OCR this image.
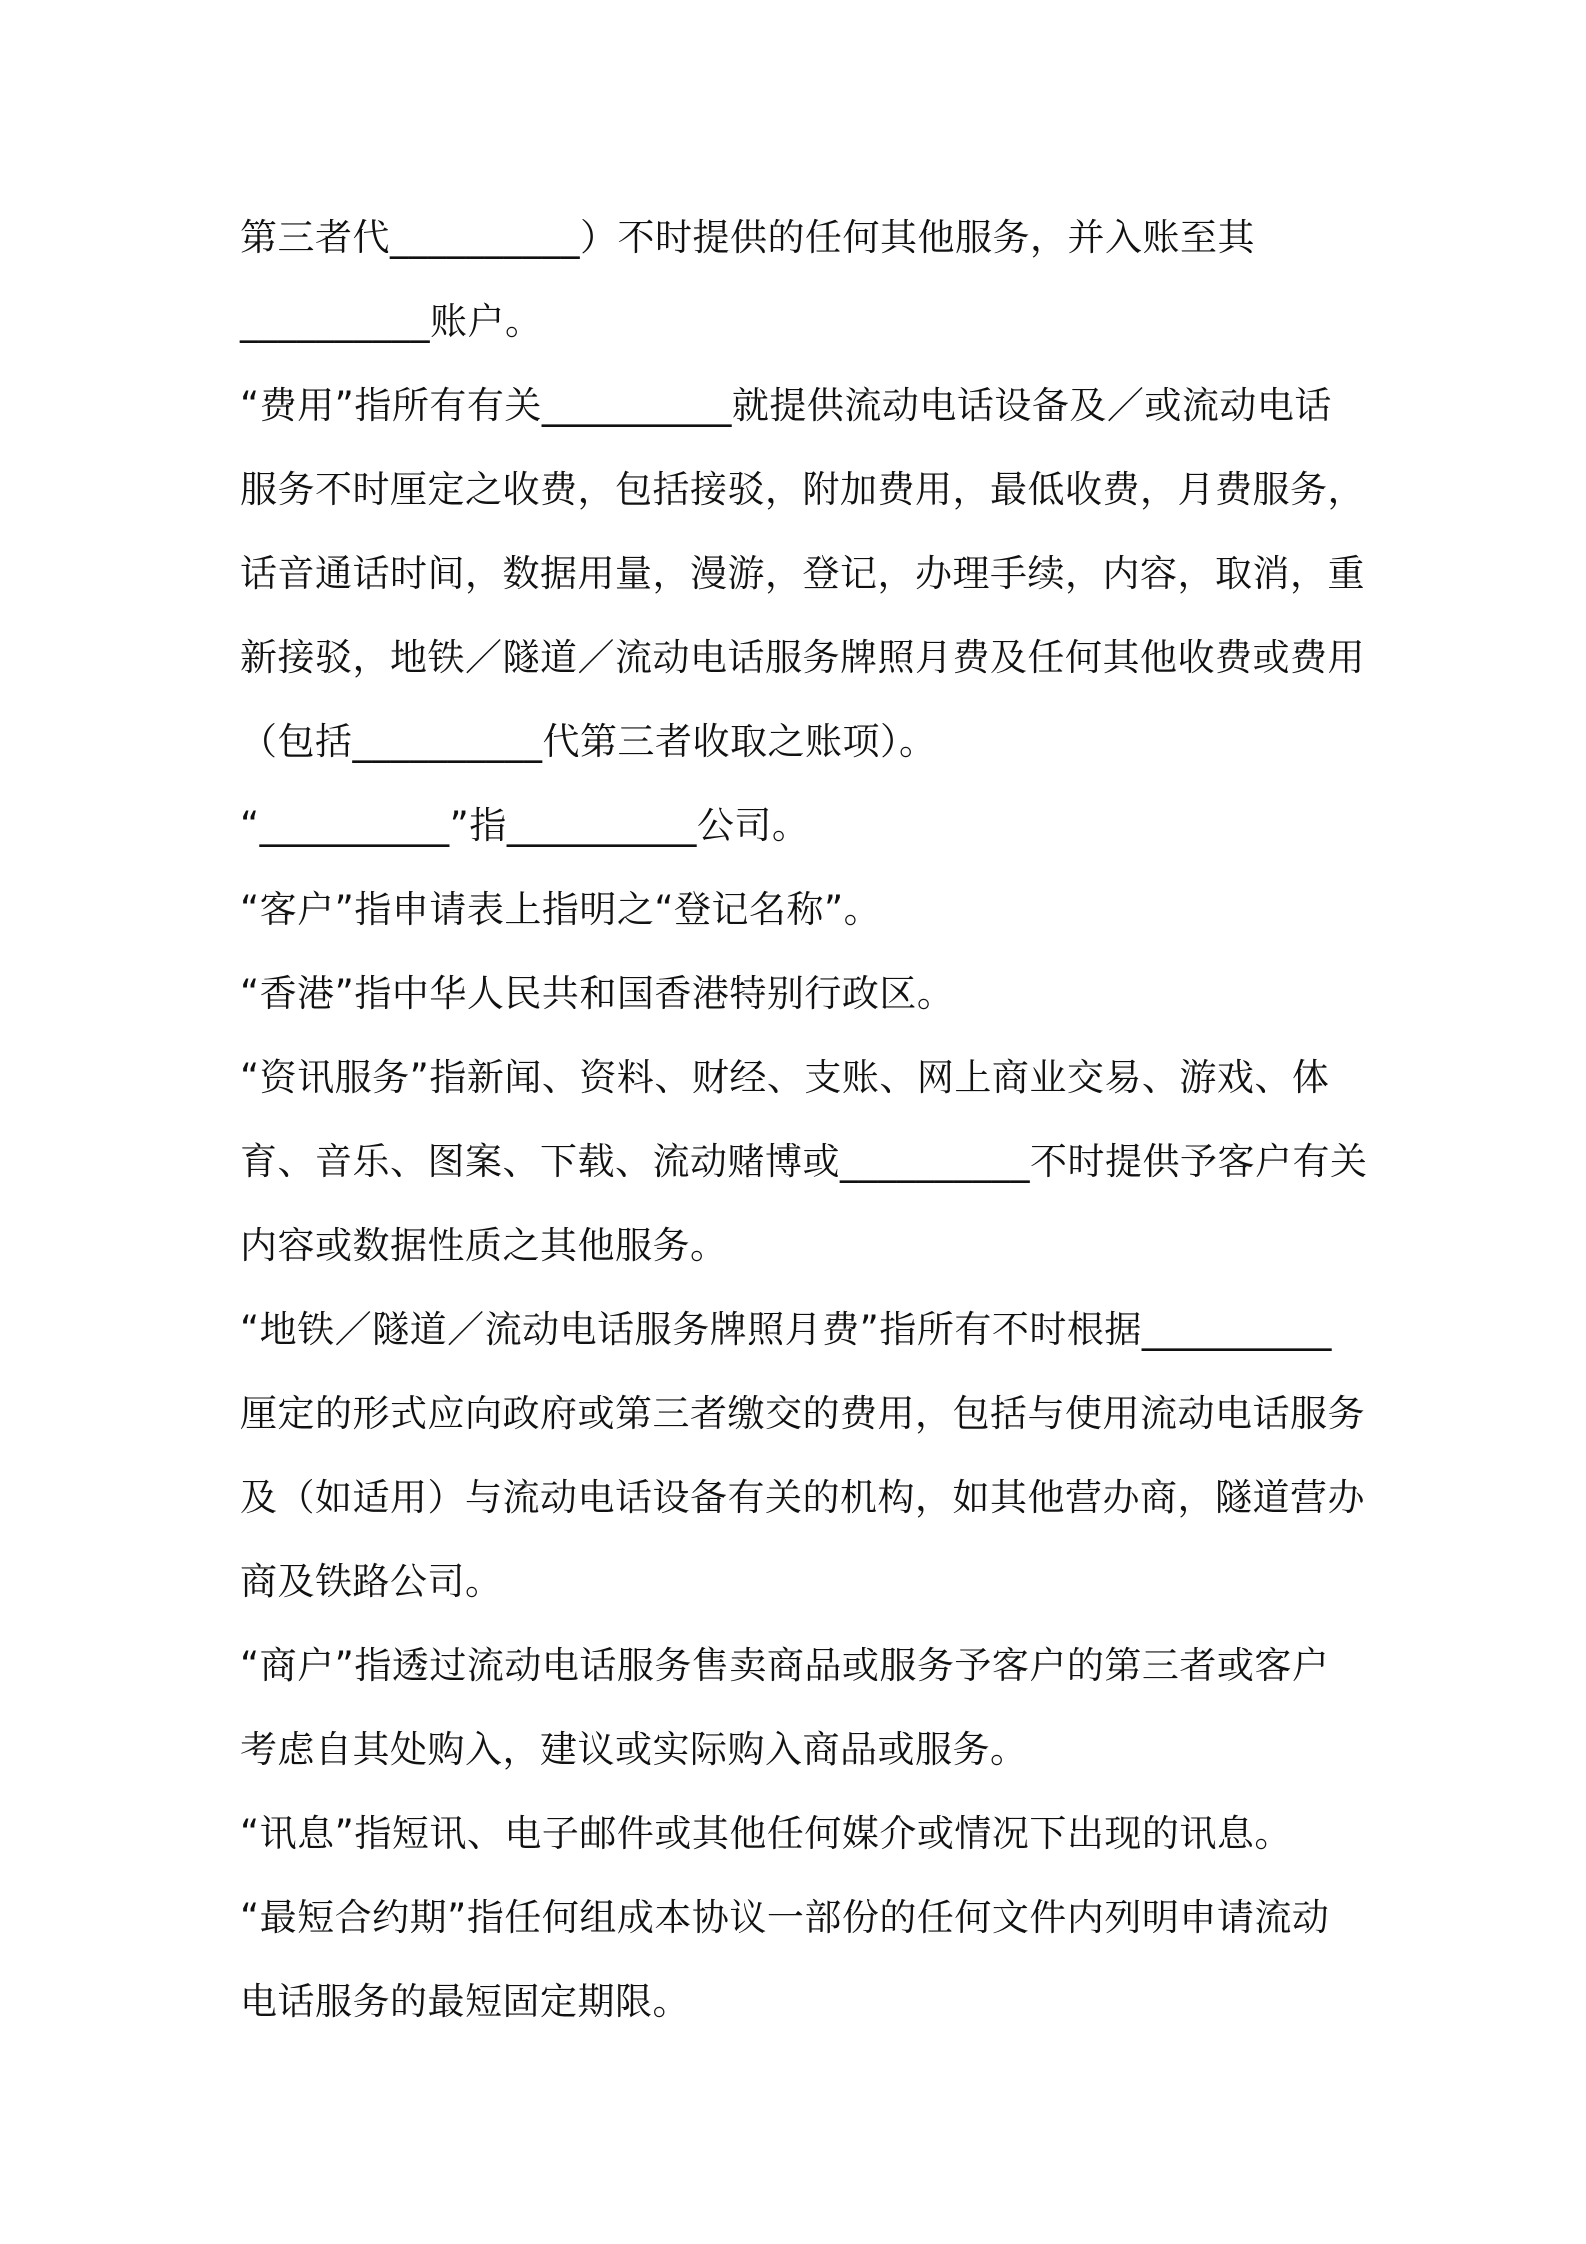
第三者代__________）不时提供的任何其他服务，并入账至其
__________账户。
“费用”指所有有关__________就提供流动电话设备及／或流动电话
服务不时厘定之收费，包括接驳，附加费用，最低收费，月费服务，
话音通话时间，数据用量，漫游，登记，办理手续，内容，取消，重
新接驳，地铁／隧道／流动电话服务牌照月费及任何其他收费或费用
（包括__________代第三者收取之账项）。
“__________”指__________公司。
“客户”指申请表上指明之“登记名称”。
“香港”指中华人民共和国香港特别行政区。
“资讯服务”指新闻、资料、财经、支账、网上商业交易、游戏、体
育、音乐、图案、下载、流动赌博或__________不时提供予客户有关
内容或数据性质之其他服务。
“地铁／隧道／流动电话服务牌照月费”指所有不时根据__________
厘定的形式应向政府或第三者缴交的费用，包括与使用流动电话服务
及（如适用）与流动电话设备有关的机构，如其他营办商，隧道营办
商及铁路公司。
“商户”指透过流动电话服务售卖商品或服务予客户的第三者或客户
考虑自其处购入，建议或实际购入商品或服务。
“讯息”指短讯、电子邮件或其他任何媒介或情况下出现的讯息。
“最短合约期”指任何组成本协议一部份的任何文件内列明申请流动
电话服务的最短固定期限。
